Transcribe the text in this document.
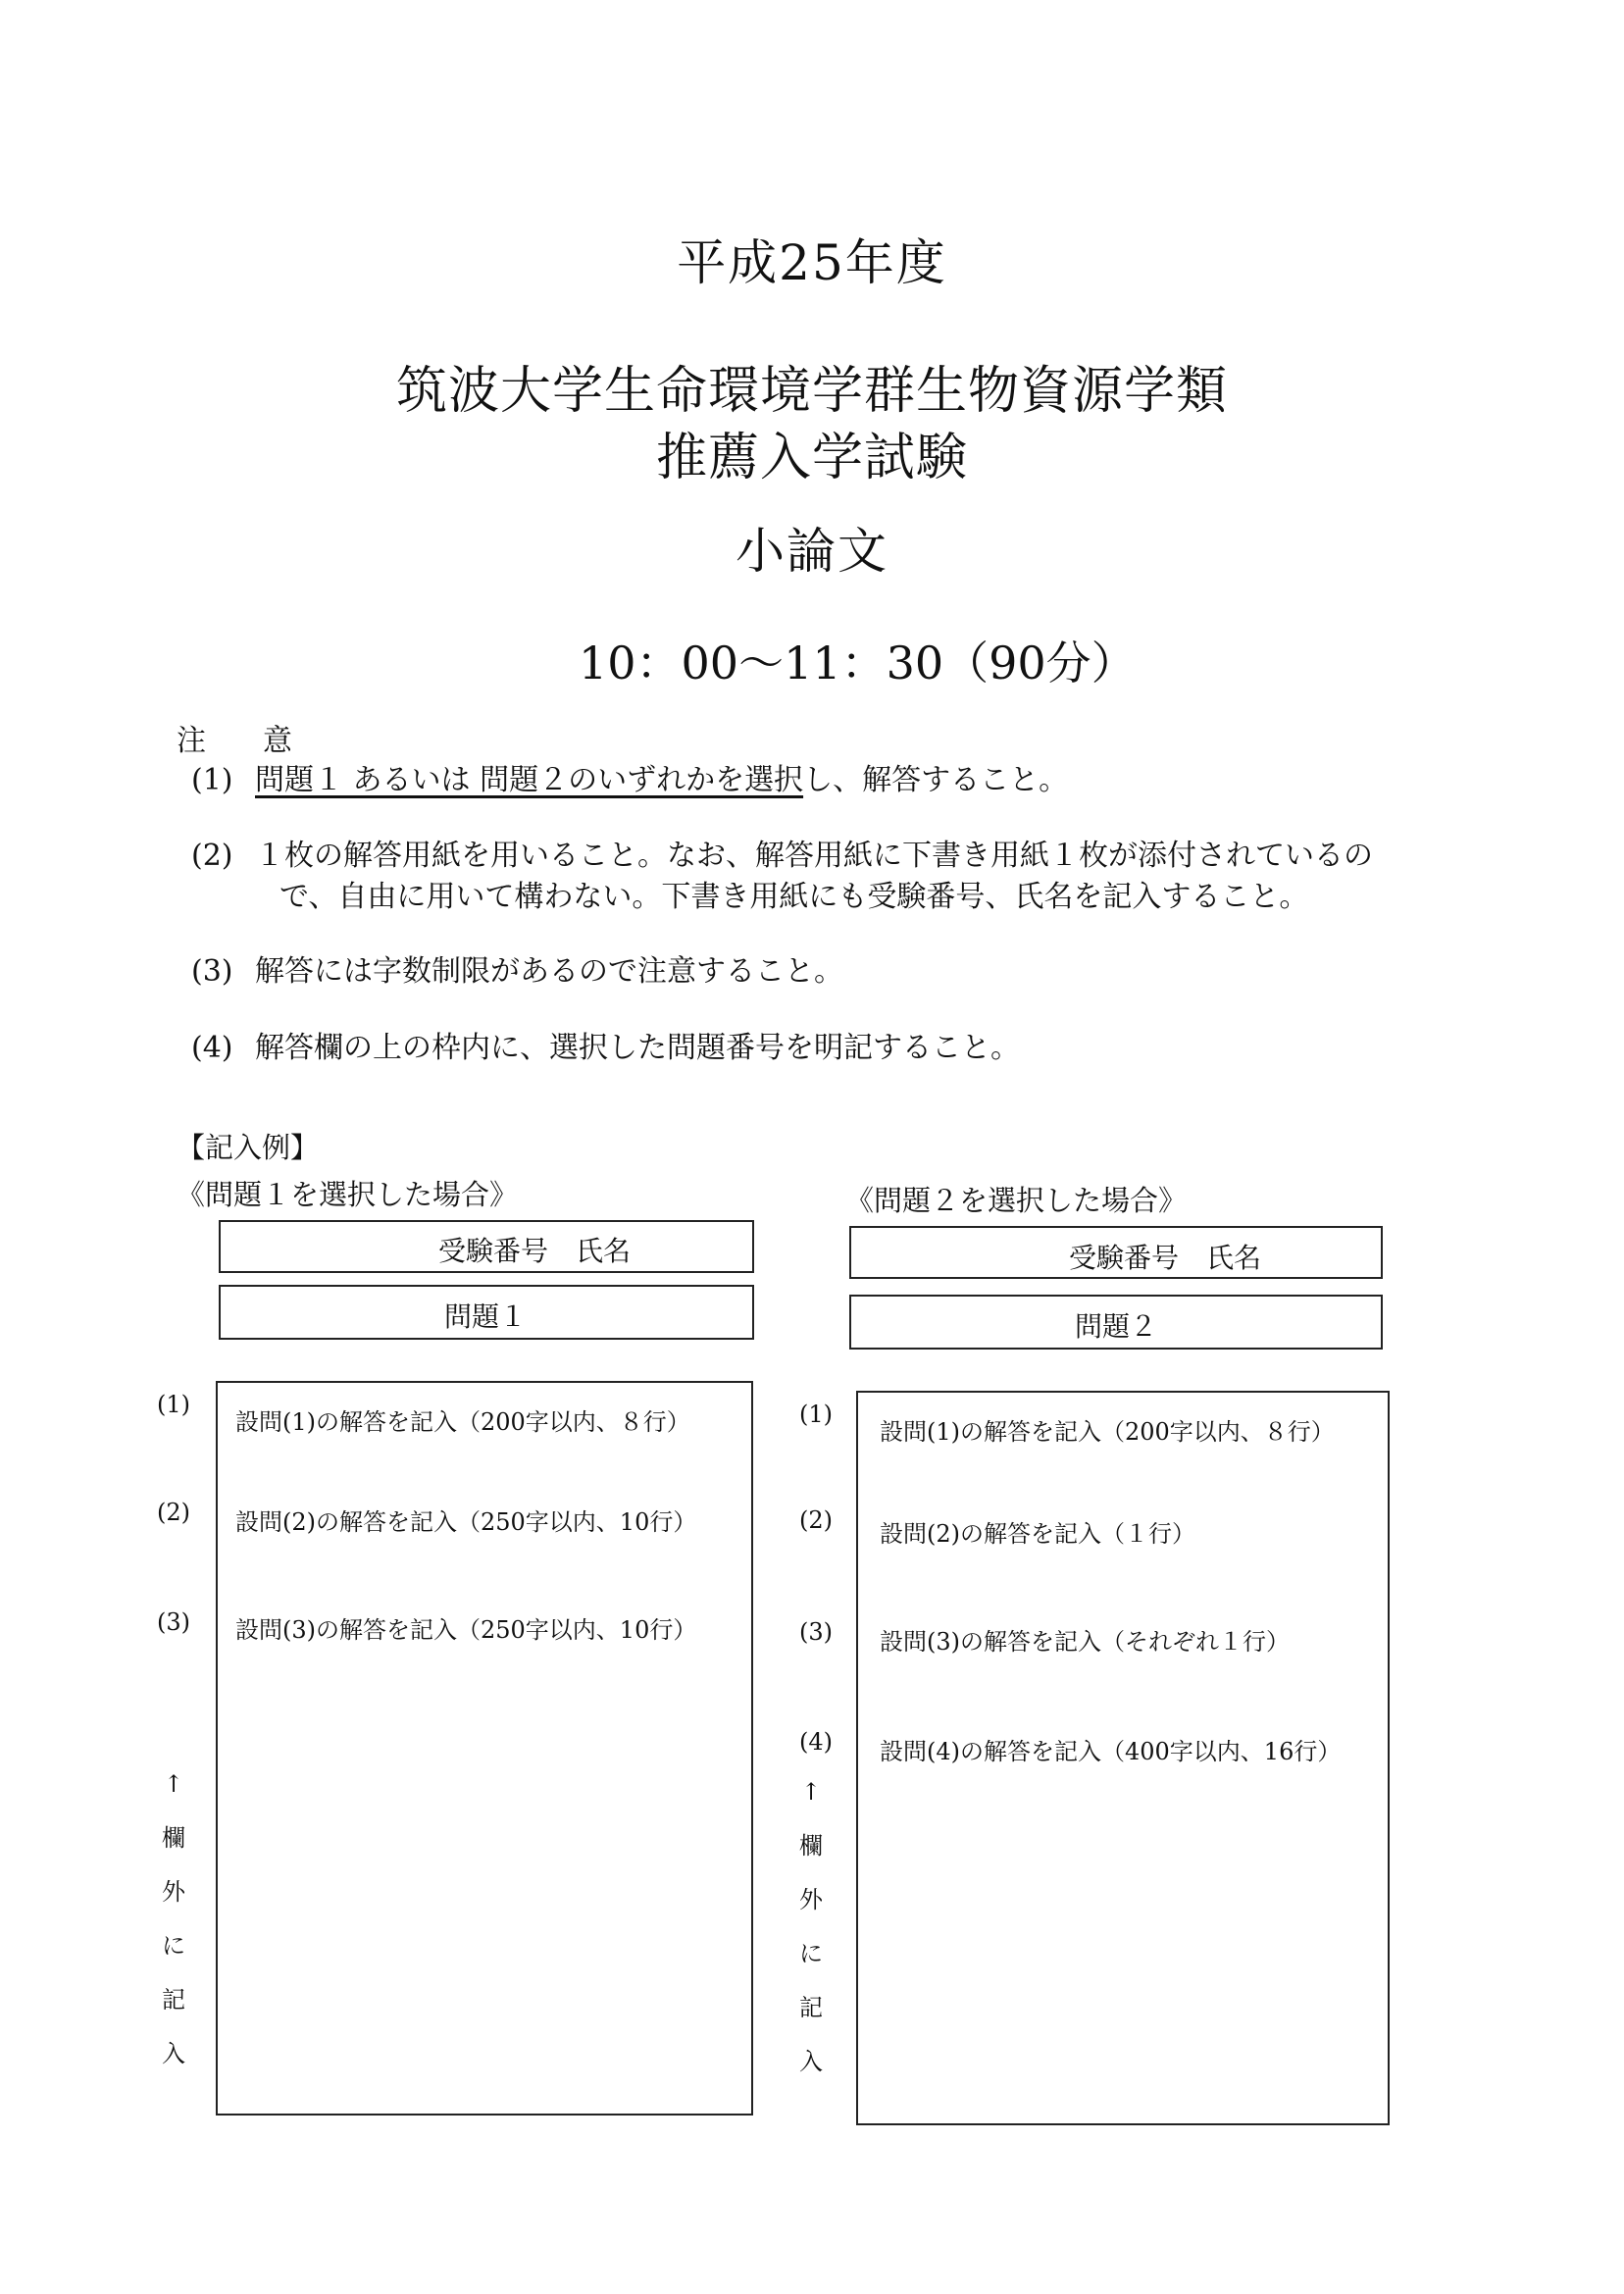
平成25年度
筑波大学生命環境学群生物資源学類
推薦入学試験
小論文
10：00～11：30（90分）
注　意
(1) 問題１ あるいは 問題２のいずれかを選択し、解答すること。
(2) １枚の解答用紙を用いること。なお、解答用紙に下書き用紙１枚が添付されているの
で、自由に用いて構わない。下書き用紙にも受験番号、氏名を記入すること。
(3) 解答には字数制限があるので注意すること。
(4) 解答欄の上の枠内に、選択した問題番号を明記すること。
【記入例】
《問題１を選択した場合》
受験番号　氏名
問題１
設問(1)の解答を記入（200字以内、８行）
設問(2)の解答を記入（250字以内、10行）
設問(3)の解答を記入（250字以内、10行）
(1)
(2)
(3)
↑
欄
外
に
記
入
《問題２を選択した場合》
受験番号　氏名
問題２
設問(1)の解答を記入（200字以内、８行）
設問(2)の解答を記入（１行）
設問(3)の解答を記入（それぞれ１行）
設問(4)の解答を記入（400字以内、16行）
(1)
(2)
(3)
(4)
↑
欄
外
に
記
入
